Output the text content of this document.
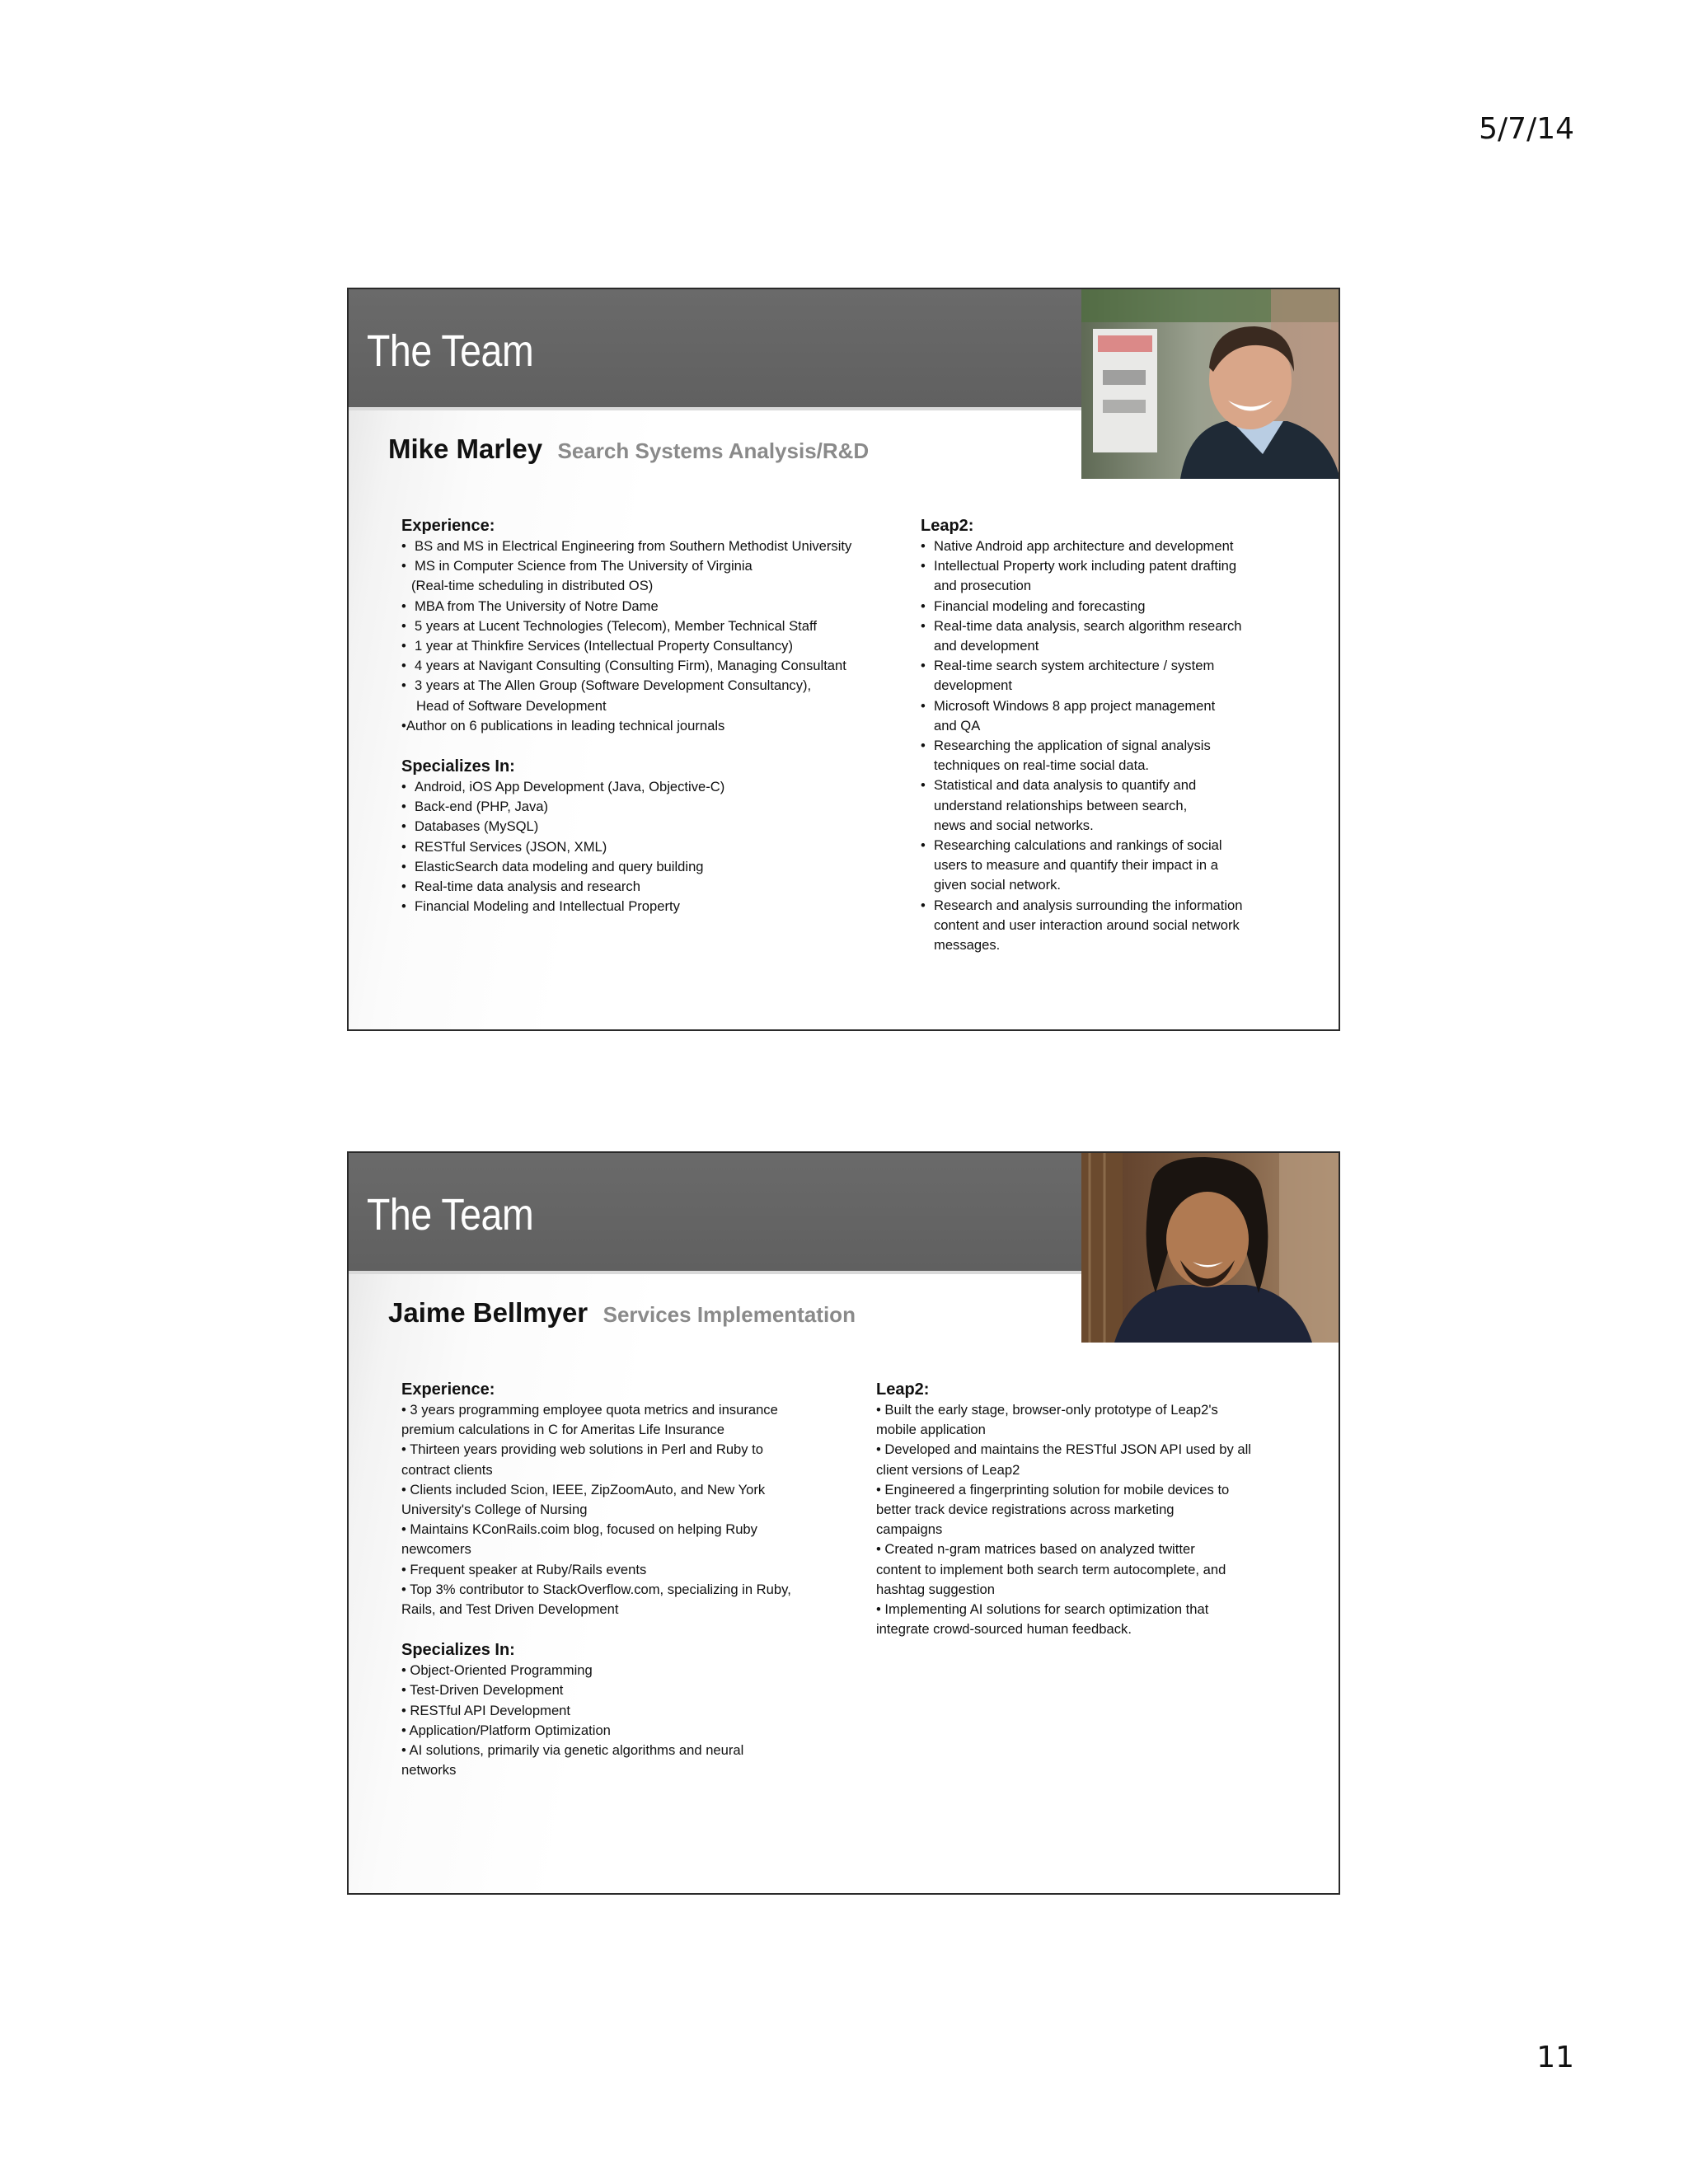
5/7/14
The Team
Mike Marley Search Systems Analysis/R&D
Experience:
• BS and MS in Electrical Engineering from Southern Methodist University
• MS in Computer Science from The University of Virginia
(Real-time scheduling in distributed OS)
• MBA from The University of Notre Dame
• 5 years at Lucent Technologies (Telecom), Member Technical Staff
• 1 year at Thinkfire Services (Intellectual Property Consultancy)
• 4 years at Navigant Consulting (Consulting Firm), Managing Consultant
• 3 years at The Allen Group (Software Development Consultancy),
Head of Software Development
•Author on 6 publications in leading technical journals
Specializes In:
• Android, iOS App Development (Java, Objective-C)
• Back-end (PHP, Java)
• Databases (MySQL)
• RESTful Services (JSON, XML)
• ElasticSearch data modeling and query building
• Real-time data analysis and research
• Financial Modeling and Intellectual Property
Leap2:
• Native Android app architecture and development
• Intellectual Property work including patent drafting
and prosecution
• Financial modeling and forecasting
• Real-time data analysis, search algorithm research
and development
• Real-time search system architecture / system
development
• Microsoft Windows 8 app project management
and QA
• Researching the application of signal analysis
techniques on real-time social data.
• Statistical and data analysis to quantify and
understand relationships between search,
news and social networks.
• Researching calculations and rankings of social
users to measure and quantify their impact in a
given social network.
• Research and analysis surrounding the information
content and user interaction around social network
messages.
The Team
Jaime Bellmyer Services Implementation
Experience:
• 3 years programming employee quota metrics and insurance
premium calculations in C for Ameritas Life Insurance
• Thirteen years providing web solutions in Perl and Ruby to
contract clients
• Clients included Scion, IEEE, ZipZoomAuto, and New York
University's College of Nursing
• Maintains KConRails.coim blog, focused on helping Ruby
newcomers
• Frequent speaker at Ruby/Rails events
• Top 3% contributor to StackOverflow.com, specializing in Ruby,
Rails, and Test Driven Development
Specializes In:
• Object-Oriented Programming
• Test-Driven Development
• RESTful API Development
• Application/Platform Optimization
• AI solutions, primarily via genetic algorithms and neural
networks
Leap2:
• Built the early stage, browser-only prototype of Leap2's
mobile application
• Developed and maintains the RESTful JSON API used by all
client versions of Leap2
• Engineered a fingerprinting solution for mobile devices to
better track device registrations across marketing
campaigns
• Created n-gram matrices based on analyzed twitter
content to implement both search term autocomplete, and
hashtag suggestion
• Implementing AI solutions for search optimization that
integrate crowd-sourced human feedback.
11
